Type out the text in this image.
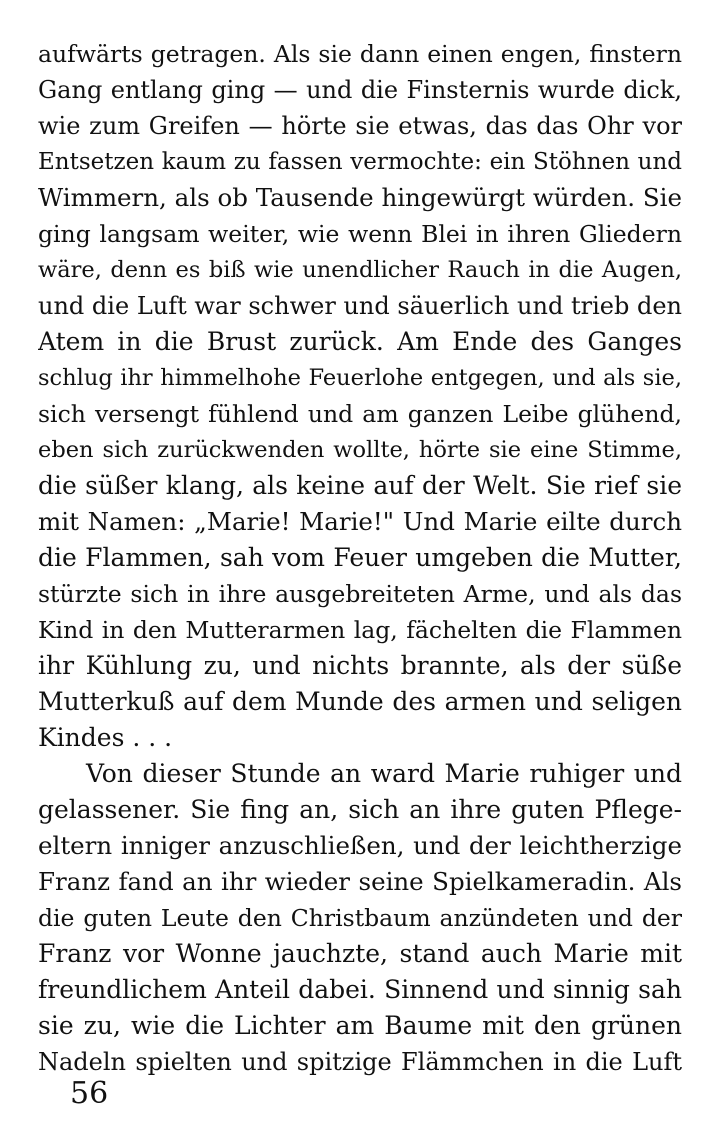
aufwärts getragen. Als sie dann einen engen, finstern
Gang entlang ging — und die Finsternis wurde dick,
wie zum Greifen — hörte sie etwas, das das Ohr vor
Entsetzen kaum zu fassen vermochte: ein Stöhnen und
Wimmern, als ob Tausende hingewürgt würden. Sie
ging langsam weiter, wie wenn Blei in ihren Gliedern
wäre, denn es biß wie unendlicher Rauch in die Augen,
und die Luft war schwer und säuerlich und trieb den
Atem in die Brust zurück. Am Ende des Ganges
schlug ihr himmelhohe Feuerlohe entgegen, und als sie,
sich versengt fühlend und am ganzen Leibe glühend,
eben sich zurückwenden wollte, hörte sie eine Stimme,
die süßer klang, als keine auf der Welt. Sie rief sie
mit Namen: „Marie! Marie!" Und Marie eilte durch
die Flammen, sah vom Feuer umgeben die Mutter,
stürzte sich in ihre ausgebreiteten Arme, und als das
Kind in den Mutterarmen lag, fächelten die Flammen
ihr Kühlung zu, und nichts brannte, als der süße
Mutterkuß auf dem Munde des armen und seligen
Kindes . . .
Von dieser Stunde an ward Marie ruhiger und
gelassener. Sie fing an, sich an ihre guten Pflege-
eltern inniger anzuschließen, und der leichtherzige
Franz fand an ihr wieder seine Spielkameradin. Als
die guten Leute den Christbaum anzündeten und der
Franz vor Wonne jauchzte, stand auch Marie mit
freundlichem Anteil dabei. Sinnend und sinnig sah
sie zu, wie die Lichter am Baume mit den grünen
Nadeln spielten und spitzige Flämmchen in die Luft
56
